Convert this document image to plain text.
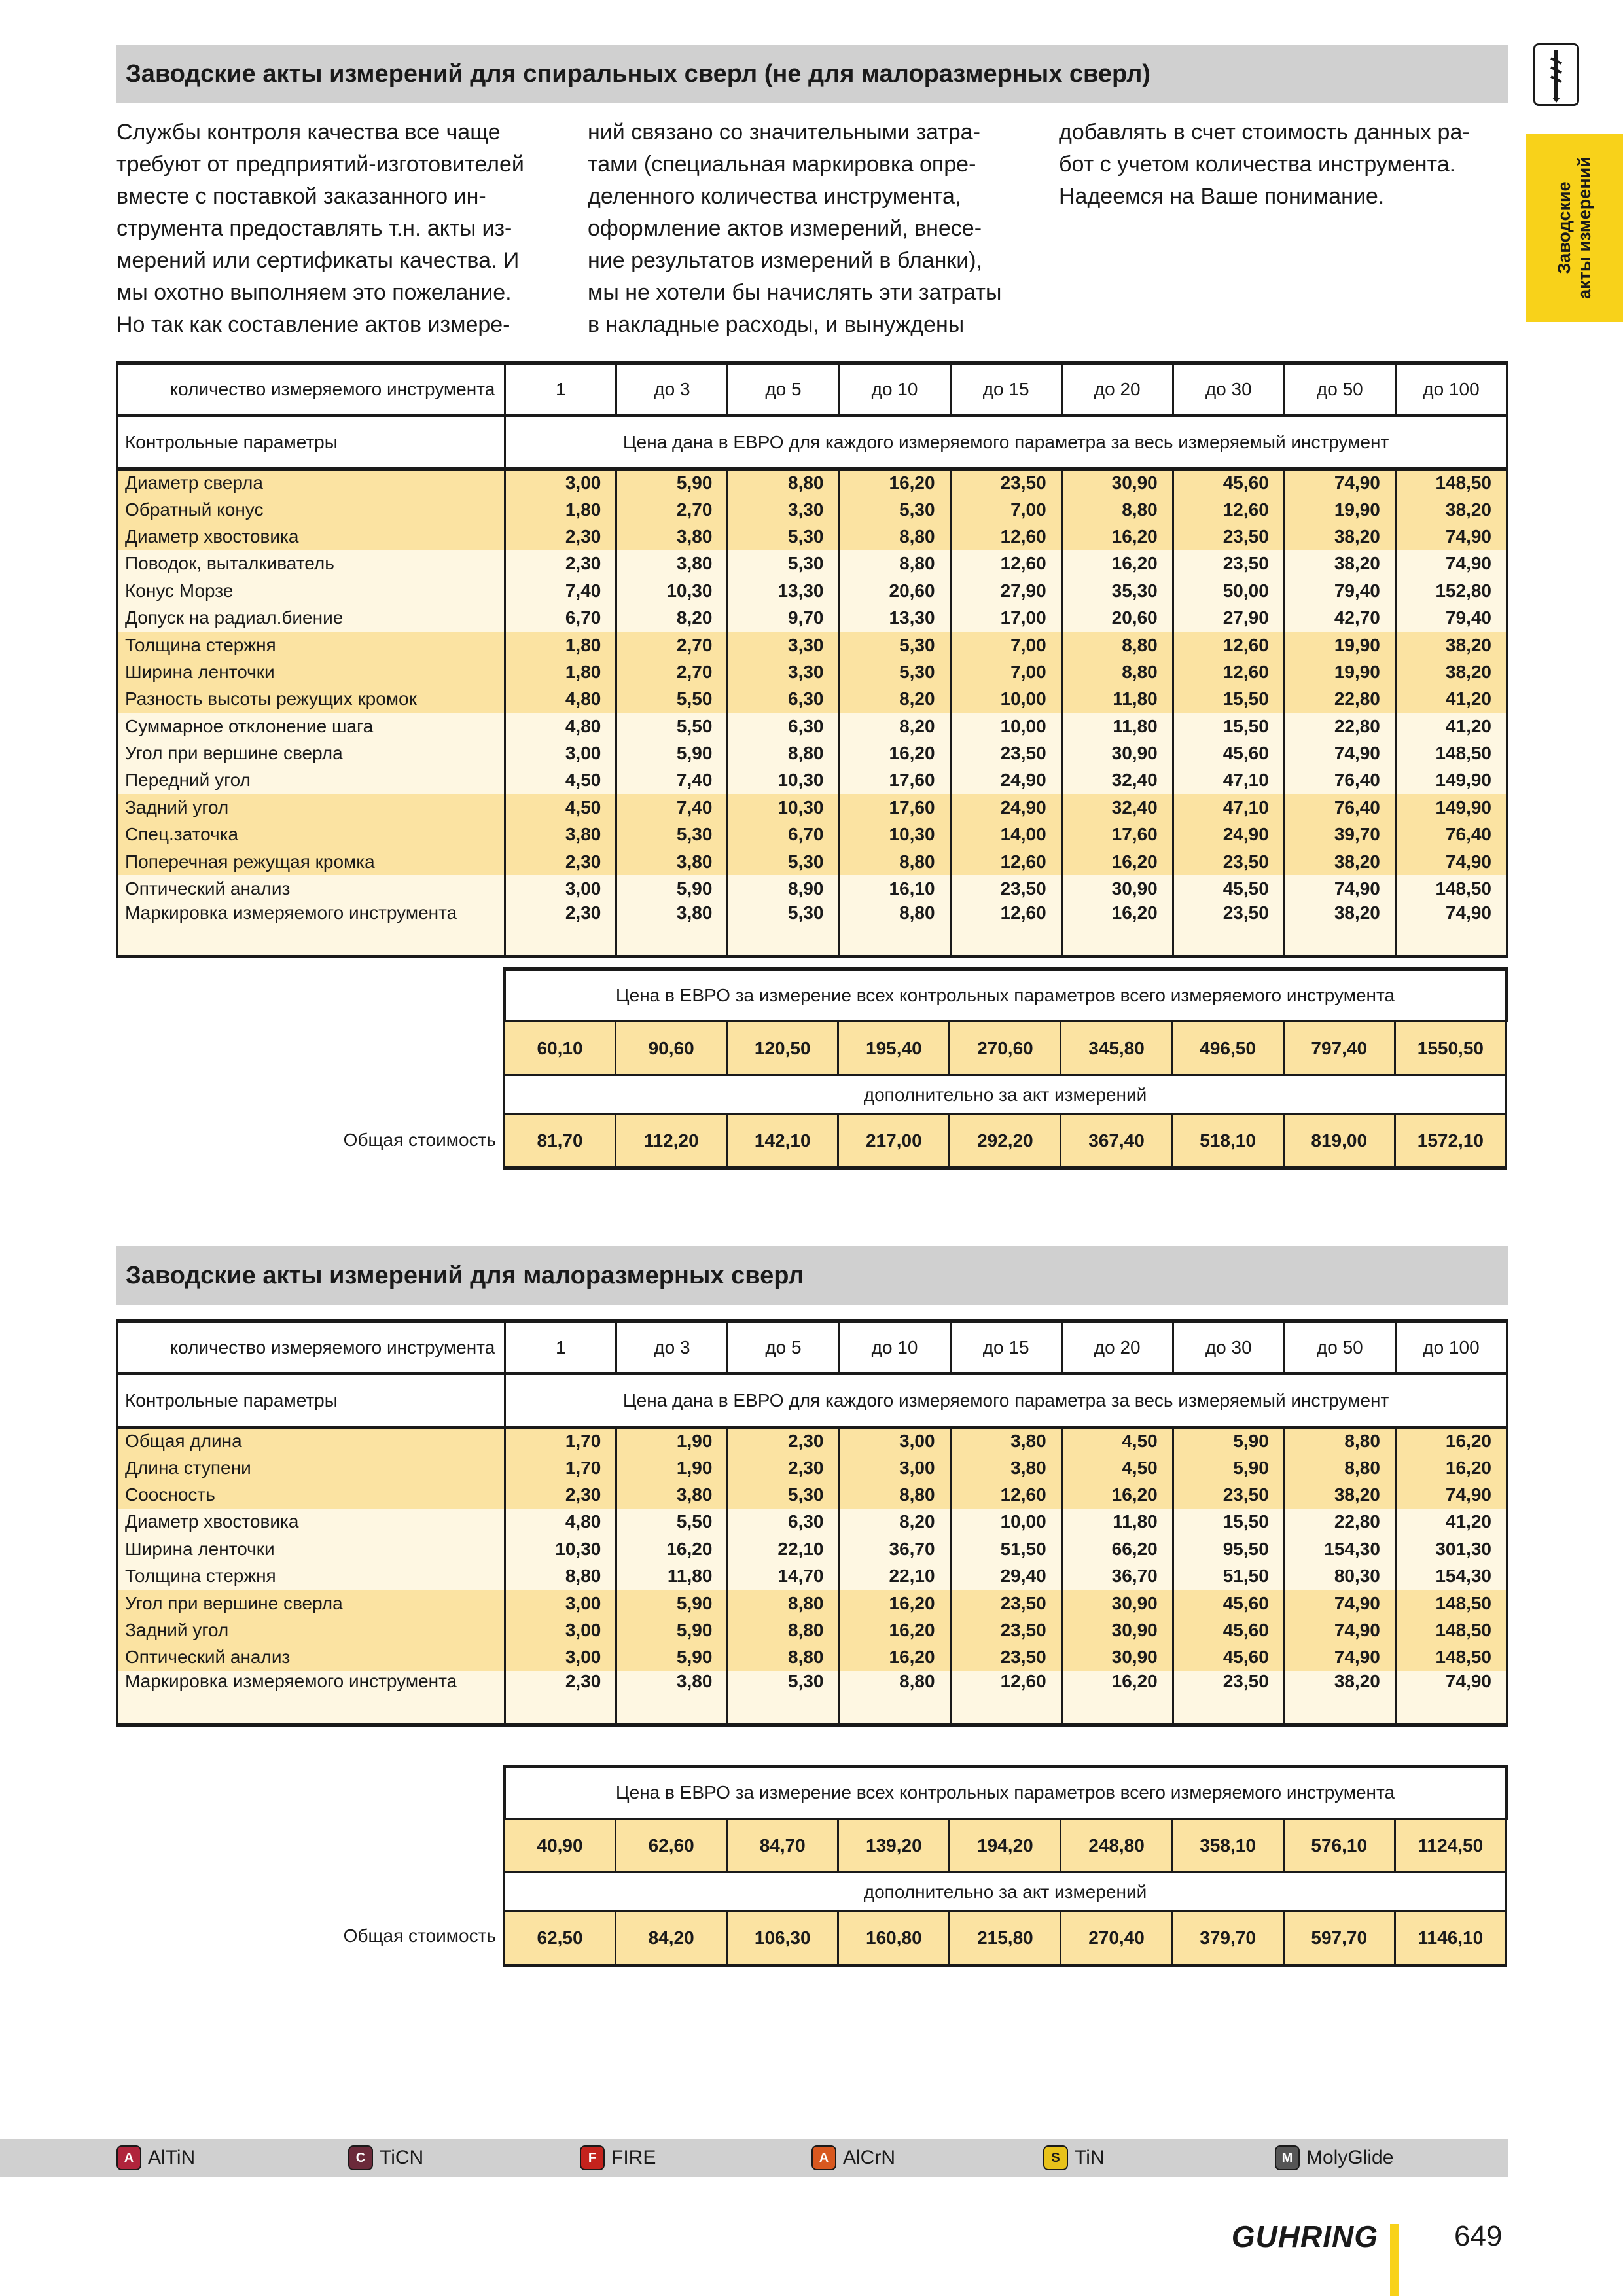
Заводские акты измерений для спиральных сверл (не для малоразмерных сверл)
Заводские акты измерений
Службы контроля качества все чаще
требуют от предприятий-изготовителей
вместе с поставкой заказанного ин-
струмента предоставлять т.н. акты из-
мерений или сертификаты качества. И
мы охотно выполняем это пожелание.
Но так как составление актов измере-
ний связано со значительными затра-
тами (специальная маркировка опре-
деленного количества инструмента,
оформление актов измерений, внесе-
ние результатов измерений в бланки),
мы не хотели бы начислять эти затраты
в накладные расходы, и вынуждены
добавлять в счет стоимость данных ра-
бот с учетом количества инструмента.
Надеемся на Ваше понимание.
количество измеряемого инструмента	1	до 3	до 5	до 10	до 15	до 20	до 30	до 50	до 100
Контрольные параметры	Цена дана в ЕВРО для каждого измеряемого параметра за весь измеряемый инструмент								
Диаметр сверла	3,00	5,90	8,80	16,20	23,50	30,90	45,60	74,90	148,50
Обратный конус	1,80	2,70	3,30	5,30	7,00	8,80	12,60	19,90	38,20
Диаметр хвостовика	2,30	3,80	5,30	8,80	12,60	16,20	23,50	38,20	74,90
Поводок, выталкиватель	2,30	3,80	5,30	8,80	12,60	16,20	23,50	38,20	74,90
Конус Морзе	7,40	10,30	13,30	20,60	27,90	35,30	50,00	79,40	152,80
Допуск на радиал.биение	6,70	8,20	9,70	13,30	17,00	20,60	27,90	42,70	79,40
Толщина стержня	1,80	2,70	3,30	5,30	7,00	8,80	12,60	19,90	38,20
Ширина ленточки	1,80	2,70	3,30	5,30	7,00	8,80	12,60	19,90	38,20
Разность высоты режущих кромок	4,80	5,50	6,30	8,20	10,00	11,80	15,50	22,80	41,20
Суммарное отклонение шага	4,80	5,50	6,30	8,20	10,00	11,80	15,50	22,80	41,20
Угол при вершине сверла	3,00	5,90	8,80	16,20	23,50	30,90	45,60	74,90	148,50
Передний угол	4,50	7,40	10,30	17,60	24,90	32,40	47,10	76,40	149,90
Задний угол	4,50	7,40	10,30	17,60	24,90	32,40	47,10	76,40	149,90
Спец.заточка	3,80	5,30	6,70	10,30	14,00	17,60	24,90	39,70	76,40
Поперечная режущая кромка	2,30	3,80	5,30	8,80	12,60	16,20	23,50	38,20	74,90
Оптический анализ	3,00	5,90	8,90	16,10	23,50	30,90	45,50	74,90	148,50
Маркировка измеряемого инструмента	2,30	3,80	5,30	8,80	12,60	16,20	23,50	38,20	74,90
Цена в ЕВРО за измерение всех контрольных параметров всего измеряемого инструмента								
60,10	90,60	120,50	195,40	270,60	345,80	496,50	797,40	1550,50
дополнительно за акт измерений								
81,70	112,20	142,10	217,00	292,20	367,40	518,10	819,00	1572,10
Общая стоимость
Заводские акты измерений для малоразмерных сверл
количество измеряемого инструмента	1	до 3	до 5	до 10	до 15	до 20	до 30	до 50	до 100
Контрольные параметры	Цена дана в ЕВРО для каждого измеряемого параметра за весь измеряемый инструмент								
Общая длина	1,70	1,90	2,30	3,00	3,80	4,50	5,90	8,80	16,20
Длина ступени	1,70	1,90	2,30	3,00	3,80	4,50	5,90	8,80	16,20
Соосность	2,30	3,80	5,30	8,80	12,60	16,20	23,50	38,20	74,90
Диаметр хвостовика	4,80	5,50	6,30	8,20	10,00	11,80	15,50	22,80	41,20
Ширина ленточки	10,30	16,20	22,10	36,70	51,50	66,20	95,50	154,30	301,30
Толщина стержня	8,80	11,80	14,70	22,10	29,40	36,70	51,50	80,30	154,30
Угол при вершине сверла	3,00	5,90	8,80	16,20	23,50	30,90	45,60	74,90	148,50
Задний угол	3,00	5,90	8,80	16,20	23,50	30,90	45,60	74,90	148,50
Оптический анализ	3,00	5,90	8,80	16,20	23,50	30,90	45,60	74,90	148,50
Маркировка измеряемого инструмента	2,30	3,80	5,30	8,80	12,60	16,20	23,50	38,20	74,90
Цена в ЕВРО за измерение всех контрольных параметров всего измеряемого инструмента								
40,90	62,60	84,70	139,20	194,20	248,80	358,10	576,10	1124,50
дополнительно за акт измерений								
62,50	84,20	106,30	160,80	215,80	270,40	379,70	597,70	1146,10
Общая стоимость
A AlTiN	C TiCN	F FIRE	A AlCrN	S TiN	M MolyGlide
GUHRING	649
